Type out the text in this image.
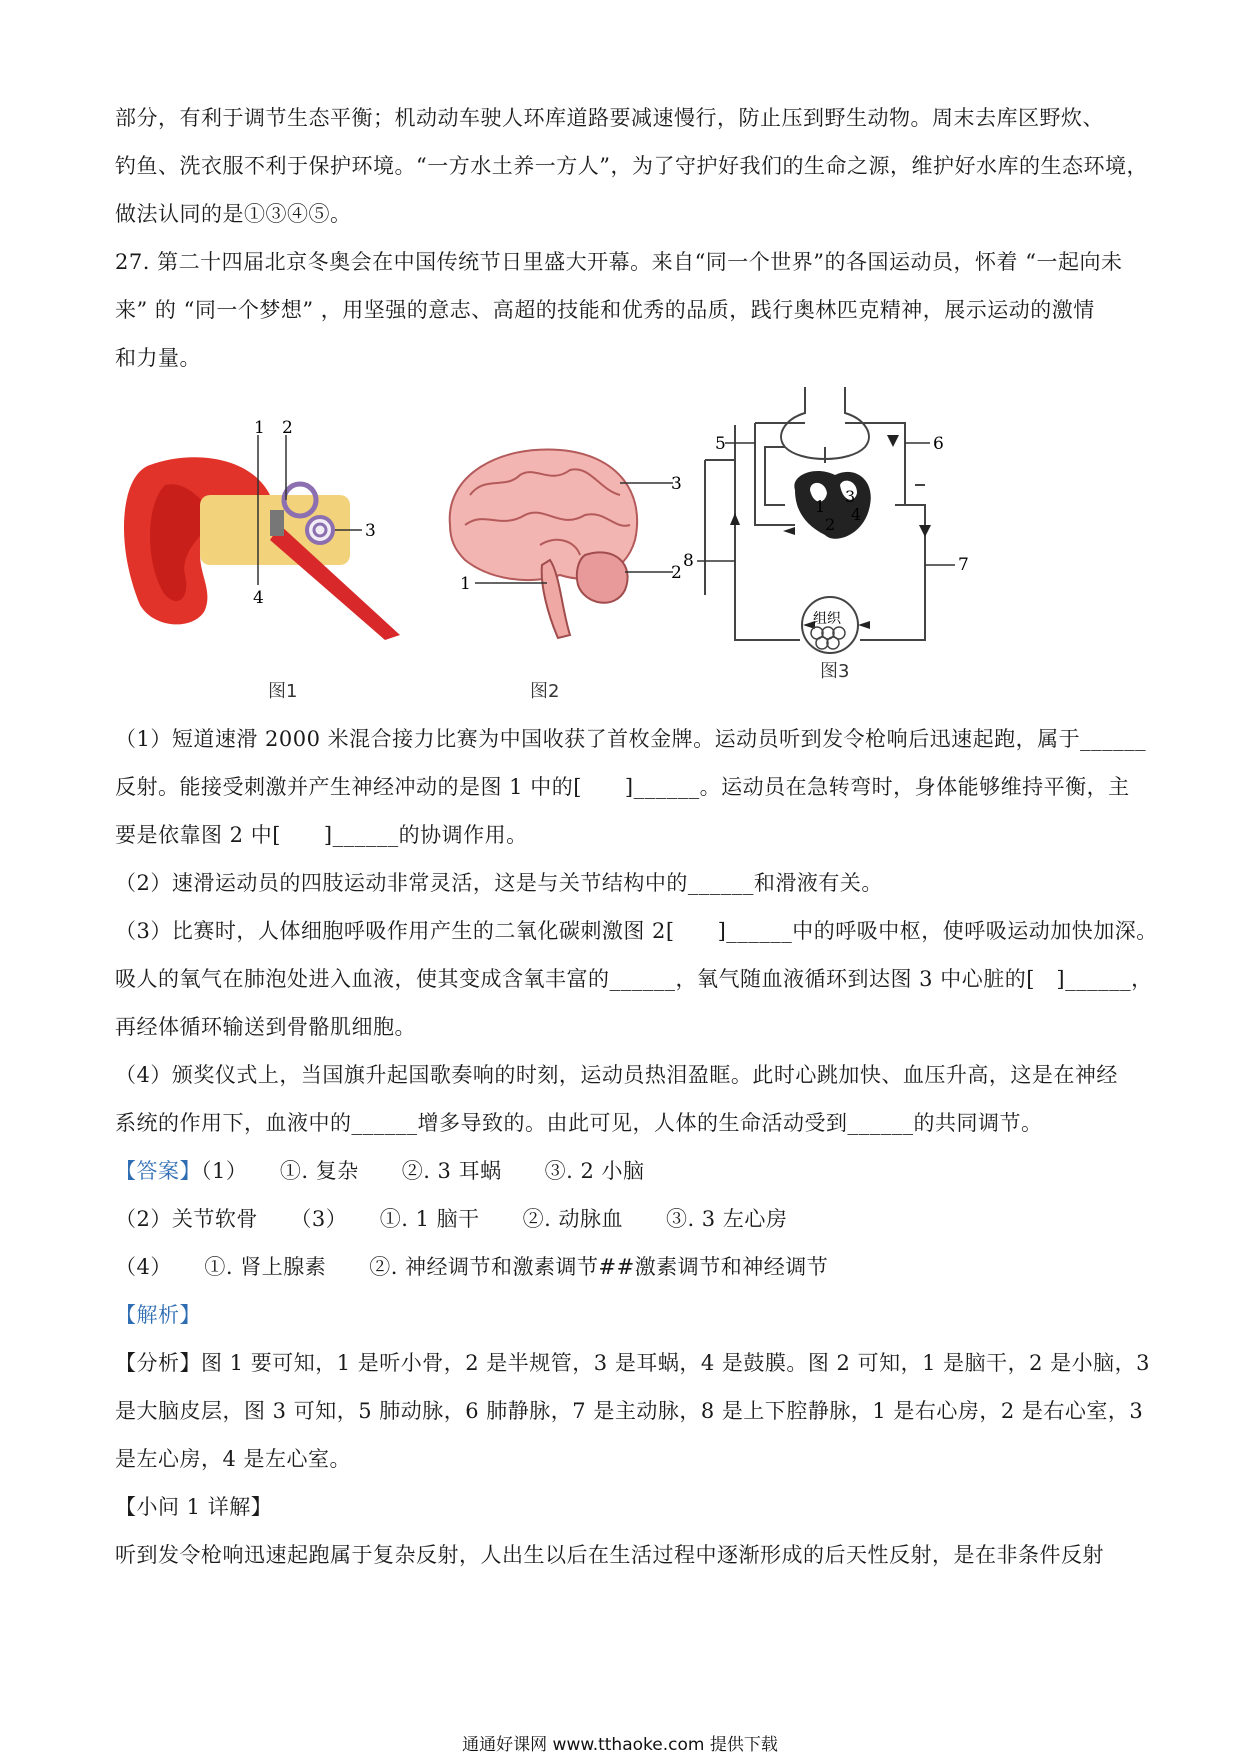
部分，有利于调节生态平衡；机动动车驶人环库道路要减速慢行，防止压到野生动物。周末去库区野炊、
钓鱼、洗衣服不利于保护环境。“一方水土养一方人”，为了守护好我们的生命之源，维护好水库的生态环境，
做法认同的是①③④⑤。
27. 第二十四届北京冬奥会在中国传统节日里盛大开幕。来自“同一个世界”的各国运动员，怀着 “一起向未
来” 的 “同一个梦想” ，用坚强的意志、高超的技能和优秀的品质，践行奥林匹克精神，展示运动的激情
和力量。
1 2
3
4
图1
3
2
1
图2
组织
1
2
3
4
5	6
7
8
图3
（1）短道速滑 2000 米混合接力比赛为中国收获了首枚金牌。运动员听到发令枪响后迅速起跑，属于______
反射。能接受刺激并产生神经冲动的是图 1 中的[　　]______。运动员在急转弯时，身体能够维持平衡，主
要是依靠图 2 中[　　]______的协调作用。
（2）速滑运动员的四肢运动非常灵活，这是与关节结构中的______和滑液有关。
（3）比赛时，人体细胞呼吸作用产生的二氧化碳刺激图 2[　　]______中的呼吸中枢，使呼吸运动加快加深。
吸人的氧气在肺泡处进入血液，使其变成含氧丰富的______，氧气随血液循环到达图 3 中心脏的[　]______，
再经体循环输送到骨骼肌细胞。
（4）颁奖仪式上，当国旗升起国歌奏响的时刻，运动员热泪盈眶。此时心跳加快、血压升高，这是在神经
系统的作用下，血液中的______增多导致的。由此可见，人体的生命活动受到______的共同调节。
【答案】（1）　　①. 复杂　　②. 3 耳蜗　　③. 2 小脑
（2）关节软骨　　（3）　　①. 1 脑干　　②. 动脉血　　③. 3 左心房
（4）　　①. 肾上腺素　　②. 神经调节和激素调节##激素调节和神经调节
【解析】
【分析】图 1 要可知，1 是听小骨，2 是半规管，3 是耳蜗，4 是鼓膜。图 2 可知，1 是脑干，2 是小脑，3
是大脑皮层，图 3 可知，5 肺动脉，6 肺静脉，7 是主动脉，8 是上下腔静脉，1 是右心房，2 是右心室，3
是左心房，4 是左心室。
【小问 1 详解】
听到发令枪响迅速起跑属于复杂反射，人出生以后在生活过程中逐渐形成的后天性反射，是在非条件反射
通通好课网 www.tthaoke.com 提供下载
